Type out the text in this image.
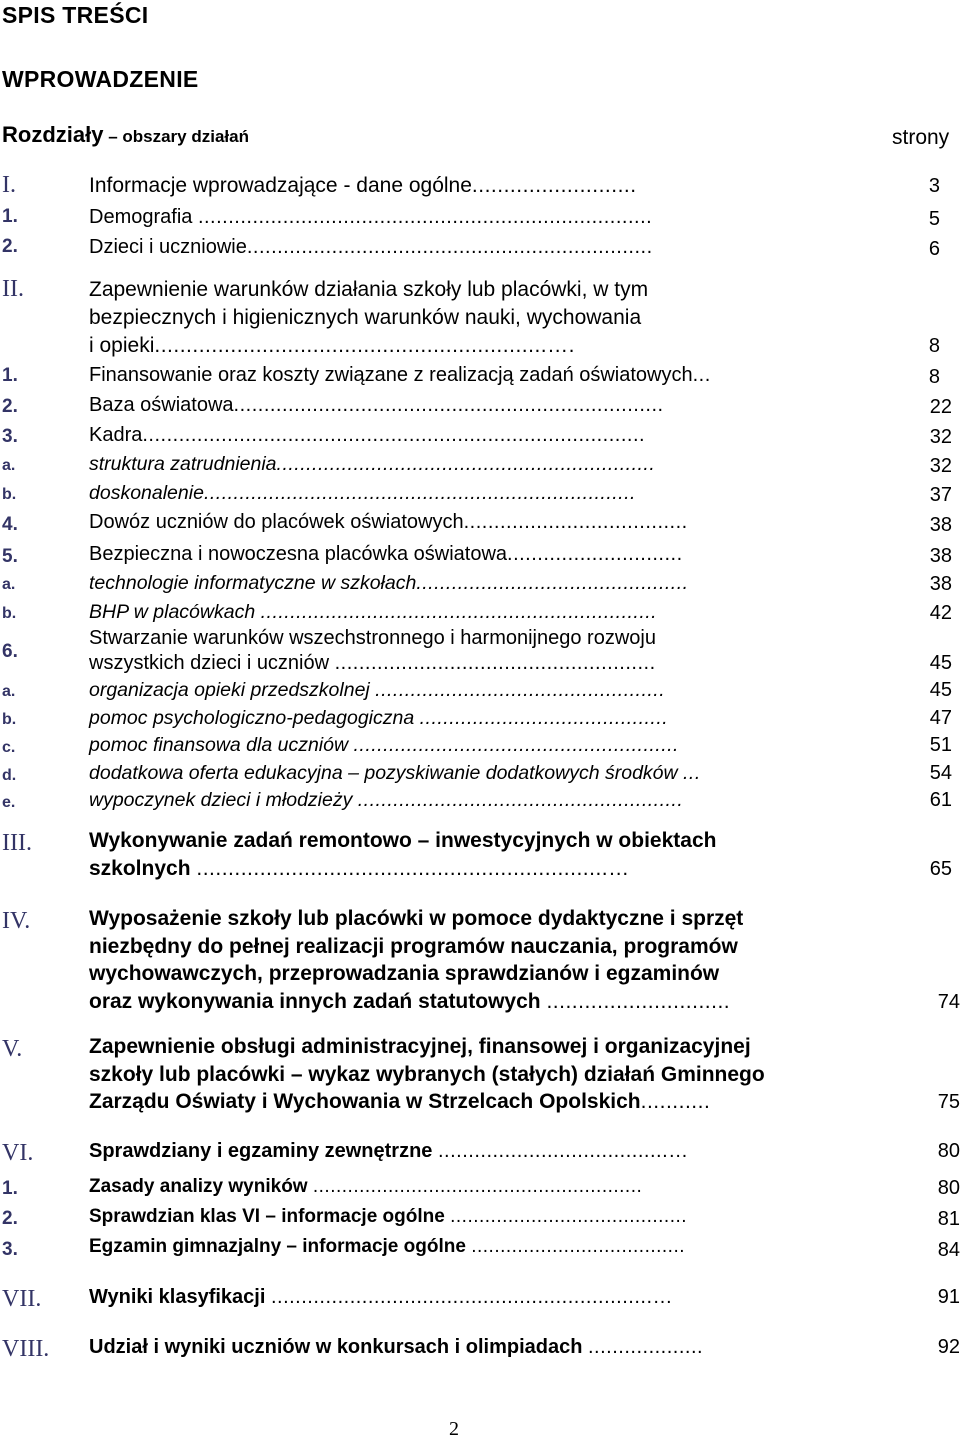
SPIS TREŚCI
WPROWADZENIE
Rozdziały – obszary działań	strony
I.	Informacje wprowadzające - dane ogólne..........................	3
1.	Demografia ...........................................................................	5
2.	Dzieci i uczniowie...................................................................	6
II.	Zapewnienie warunków działania szkoły lub placówki, w tym
bezpiecznych i higienicznych warunków nauki, wychowania
i opieki..............................................................….	8
1.	Finansowanie oraz koszty związane z realizacją zadań oświatowych...	8
2.	Baza oświatowa.......................................................................	22
3.	Kadra...................................................................................	32
a.	struktura zatrudnienia................................................................	32
b.	doskonalenie.........................................................................	37
4.	Dowóz uczniów do placówek oświatowych.....................................	38
5.	Bezpieczna i nowoczesna placówka oświatowa.............................	38
a.	technologie informatyczne w szkołach..............................................	38
b.	BHP w placówkach ...................................................................	42
6.
Stwarzanie warunków wszechstronnego i harmonijnego rozwoju
wszystkich dzieci i uczniów .....................................................	45
a.	organizacja opieki przedszkolnej .................................................	45
b.	pomoc psychologiczno-pedagogiczna ..........................................	47
c.	pomoc finansowa dla uczniów .......................................................	51
d.	dodatkowa oferta edukacyjna – pozyskiwanie dodatkowych środków ...	54
e.	wypoczynek dzieci i młodzieży .......................................................	61
III.	Wykonywanie zadań remontowo – inwestycyjnych w obiektach
szkolnych .................................................................…	65
IV.	Wyposażenie szkoły lub placówki w pomoce dydaktyczne i sprzęt
niezbędny do pełnej realizacji programów nauczania, programów
wychowawczych, przeprowadzania sprawdzianów i egzaminów
oraz wykonywania innych zadań statutowych .............................	74
V.	Zapewnienie obsługi administracyjnej, finansowej i organizacyjnej
szkoły lub placówki – wykaz wybranych (stałych) działań Gminnego
Zarządu Oświaty i Wychowania w Strzelcach Opolskich...........	75
VI.	Sprawdziany i egzaminy zewnętrzne ......................................…	80
1.	Zasady analizy wyników .........................................................	80
2.	Sprawdzian klas VI – informacje ogólne .........................................	81
3.	Egzamin gimnazjalny – informacje ogólne .....................................	84
VII. Wyniki klasyfikacji ...............................................................…	91
VIII. Udział i wyniki uczniów w konkursach i olimpiadach ...................	92
2
